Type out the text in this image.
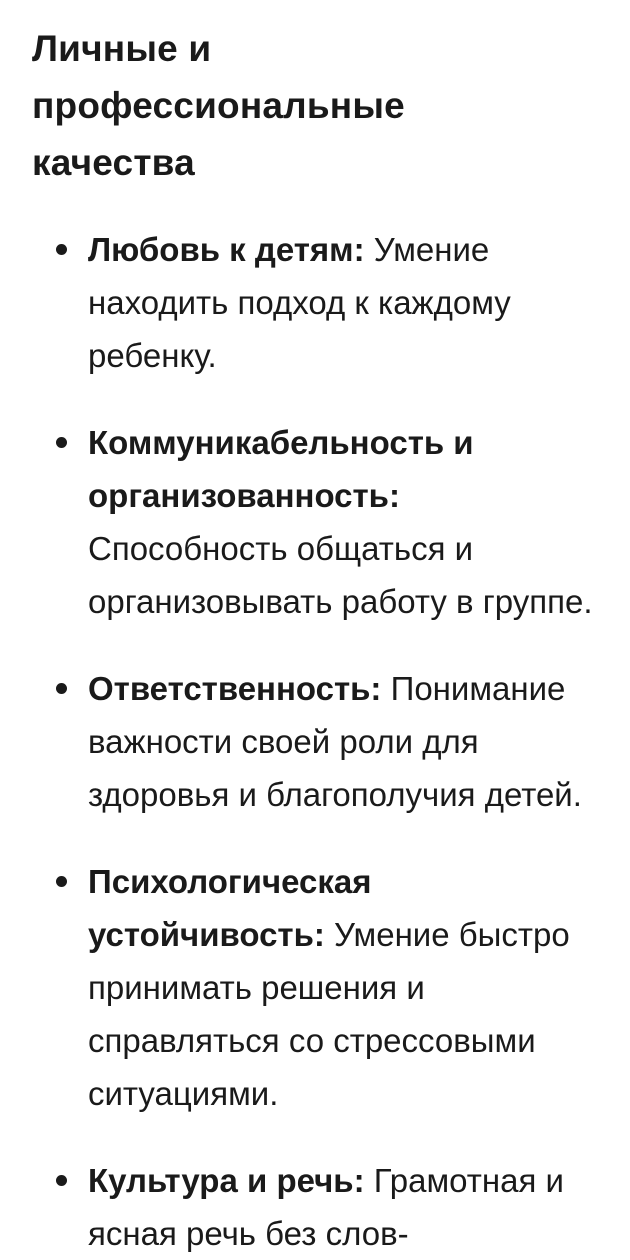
Личные и профессиональные качества
Любовь к детям: Умение находить подход к каждому ребенку.
Коммуникабельность и организованность: Способность общаться и организовывать работу в группе.
Ответственность: Понимание важности своей роли для здоровья и благополучия детей.
Психологическая устойчивость: Умение быстро принимать решения и справляться со стрессовыми ситуациями.
Культура и речь: Грамотная и ясная речь без слов-
